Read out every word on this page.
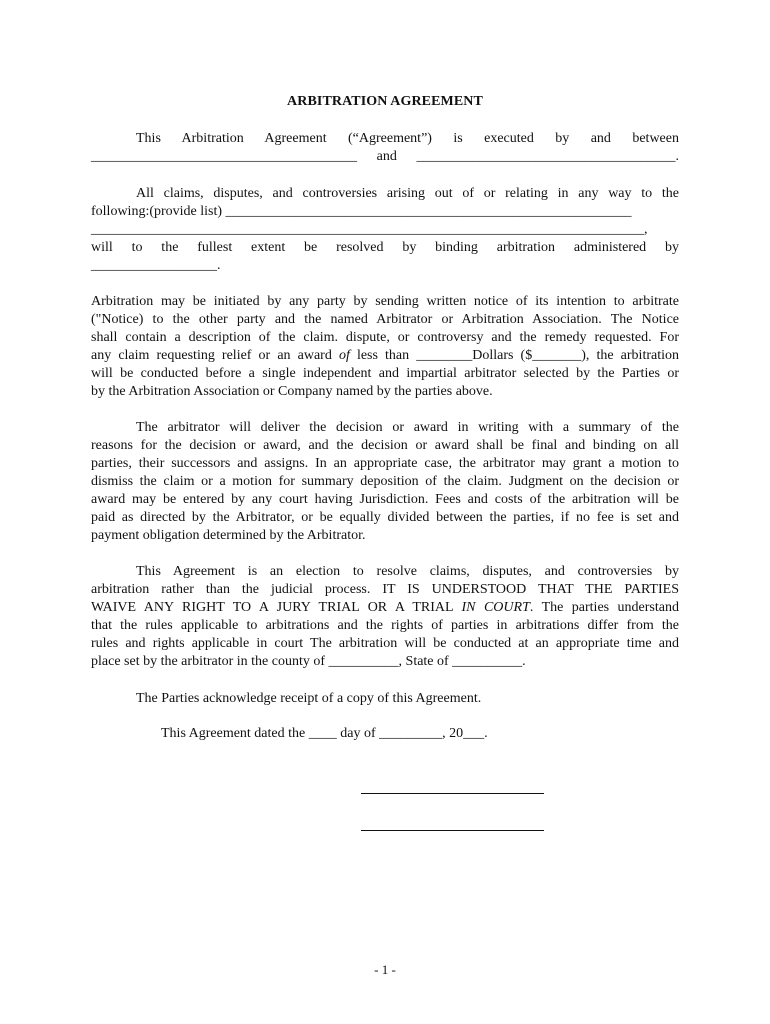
ARBITRATION AGREEMENT
This Arbitration Agreement (“Agreement”) is executed by and between
______________________________________ and _____________________________________.
All claims, disputes, and controversies arising out of or relating in any way to the
following:(provide list) __________________________________________________________
_______________________________________________________________________________,
will to the fullest extent be resolved by binding arbitration administered by
__________________.
Arbitration may be initiated by any party by sending written notice of its intention to arbitrate
("Notice) to the other party and the named Arbitrator or Arbitration Association. The Notice
shall contain a description of the claim. dispute, or controversy and the remedy requested. For
any claim requesting relief or an award of less than ________Dollars ($_______), the arbitration
will be conducted before a single independent and impartial arbitrator selected by the Parties or
by the Arbitration Association or Company named by the parties above.
The arbitrator will deliver the decision or award in writing with a summary of the
reasons for the decision or award, and the decision or award shall be final and binding on all
parties, their successors and assigns. In an appropriate case, the arbitrator may grant a motion to
dismiss the claim or a motion for summary deposition of the claim. Judgment on the decision or
award may be entered by any court having Jurisdiction. Fees and costs of the arbitration will be
paid as directed by the Arbitrator, or be equally divided between the parties, if no fee is set and
payment obligation determined by the Arbitrator.
This Agreement is an election to resolve claims, disputes, and controversies by
arbitration rather than the judicial process. IT IS UNDERSTOOD THAT THE PARTIES
WAIVE ANY RIGHT TO A JURY TRIAL OR A TRIAL IN COURT. The parties understand
that the rules applicable to arbitrations and the rights of parties in arbitrations differ from the
rules and rights applicable in court The arbitration will be conducted at an appropriate time and
place set by the arbitrator in the county of __________, State of __________.
The Parties acknowledge receipt of a copy of this Agreement.
This Agreement dated the ____ day of _________, 20___.
- 1 -
